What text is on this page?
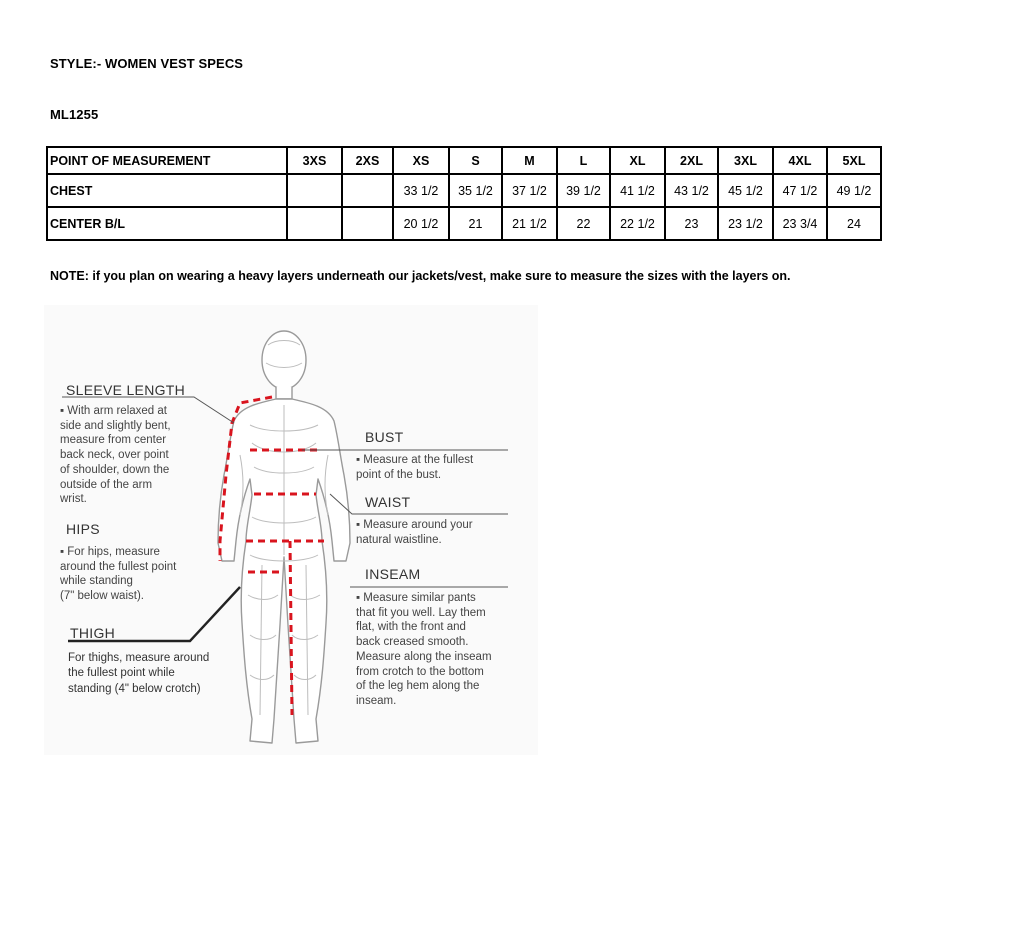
STYLE:- WOMEN VEST SPECS
ML1255
POINT OF MEASUREMENT	3XS	2XS	XS	S	M	L	XL	2XL	3XL	4XL	5XL
CHEST			33 1/2	35 1/2	37 1/2	39 1/2	41 1/2	43 1/2	45 1/2	47 1/2	49 1/2
CENTER B/L			20 1/2	21	21 1/2	22	22 1/2	23	23 1/2	23 3/4	24
NOTE: if you plan on wearing a heavy layers underneath our jackets/vest, make sure to measure the sizes with the layers on.
SLEEVE LENGTH
▪ With arm relaxed at
side and slightly bent,
measure from center
back neck, over point
of shoulder, down the
outside of the arm
wrist.
HIPS
▪ For hips, measure
around the fullest point
while standing
(7" below waist).
THIGH
For thighs, measure around
the fullest point while
standing (4" below crotch)
BUST
▪ Measure at the fullest
point of the bust.
WAIST
▪ Measure around your
natural waistline.
INSEAM
▪ Measure similar pants
that fit you well. Lay them
flat, with the front and
back creased smooth.
Measure along the inseam
from crotch to the bottom
of the leg hem along the
inseam.
